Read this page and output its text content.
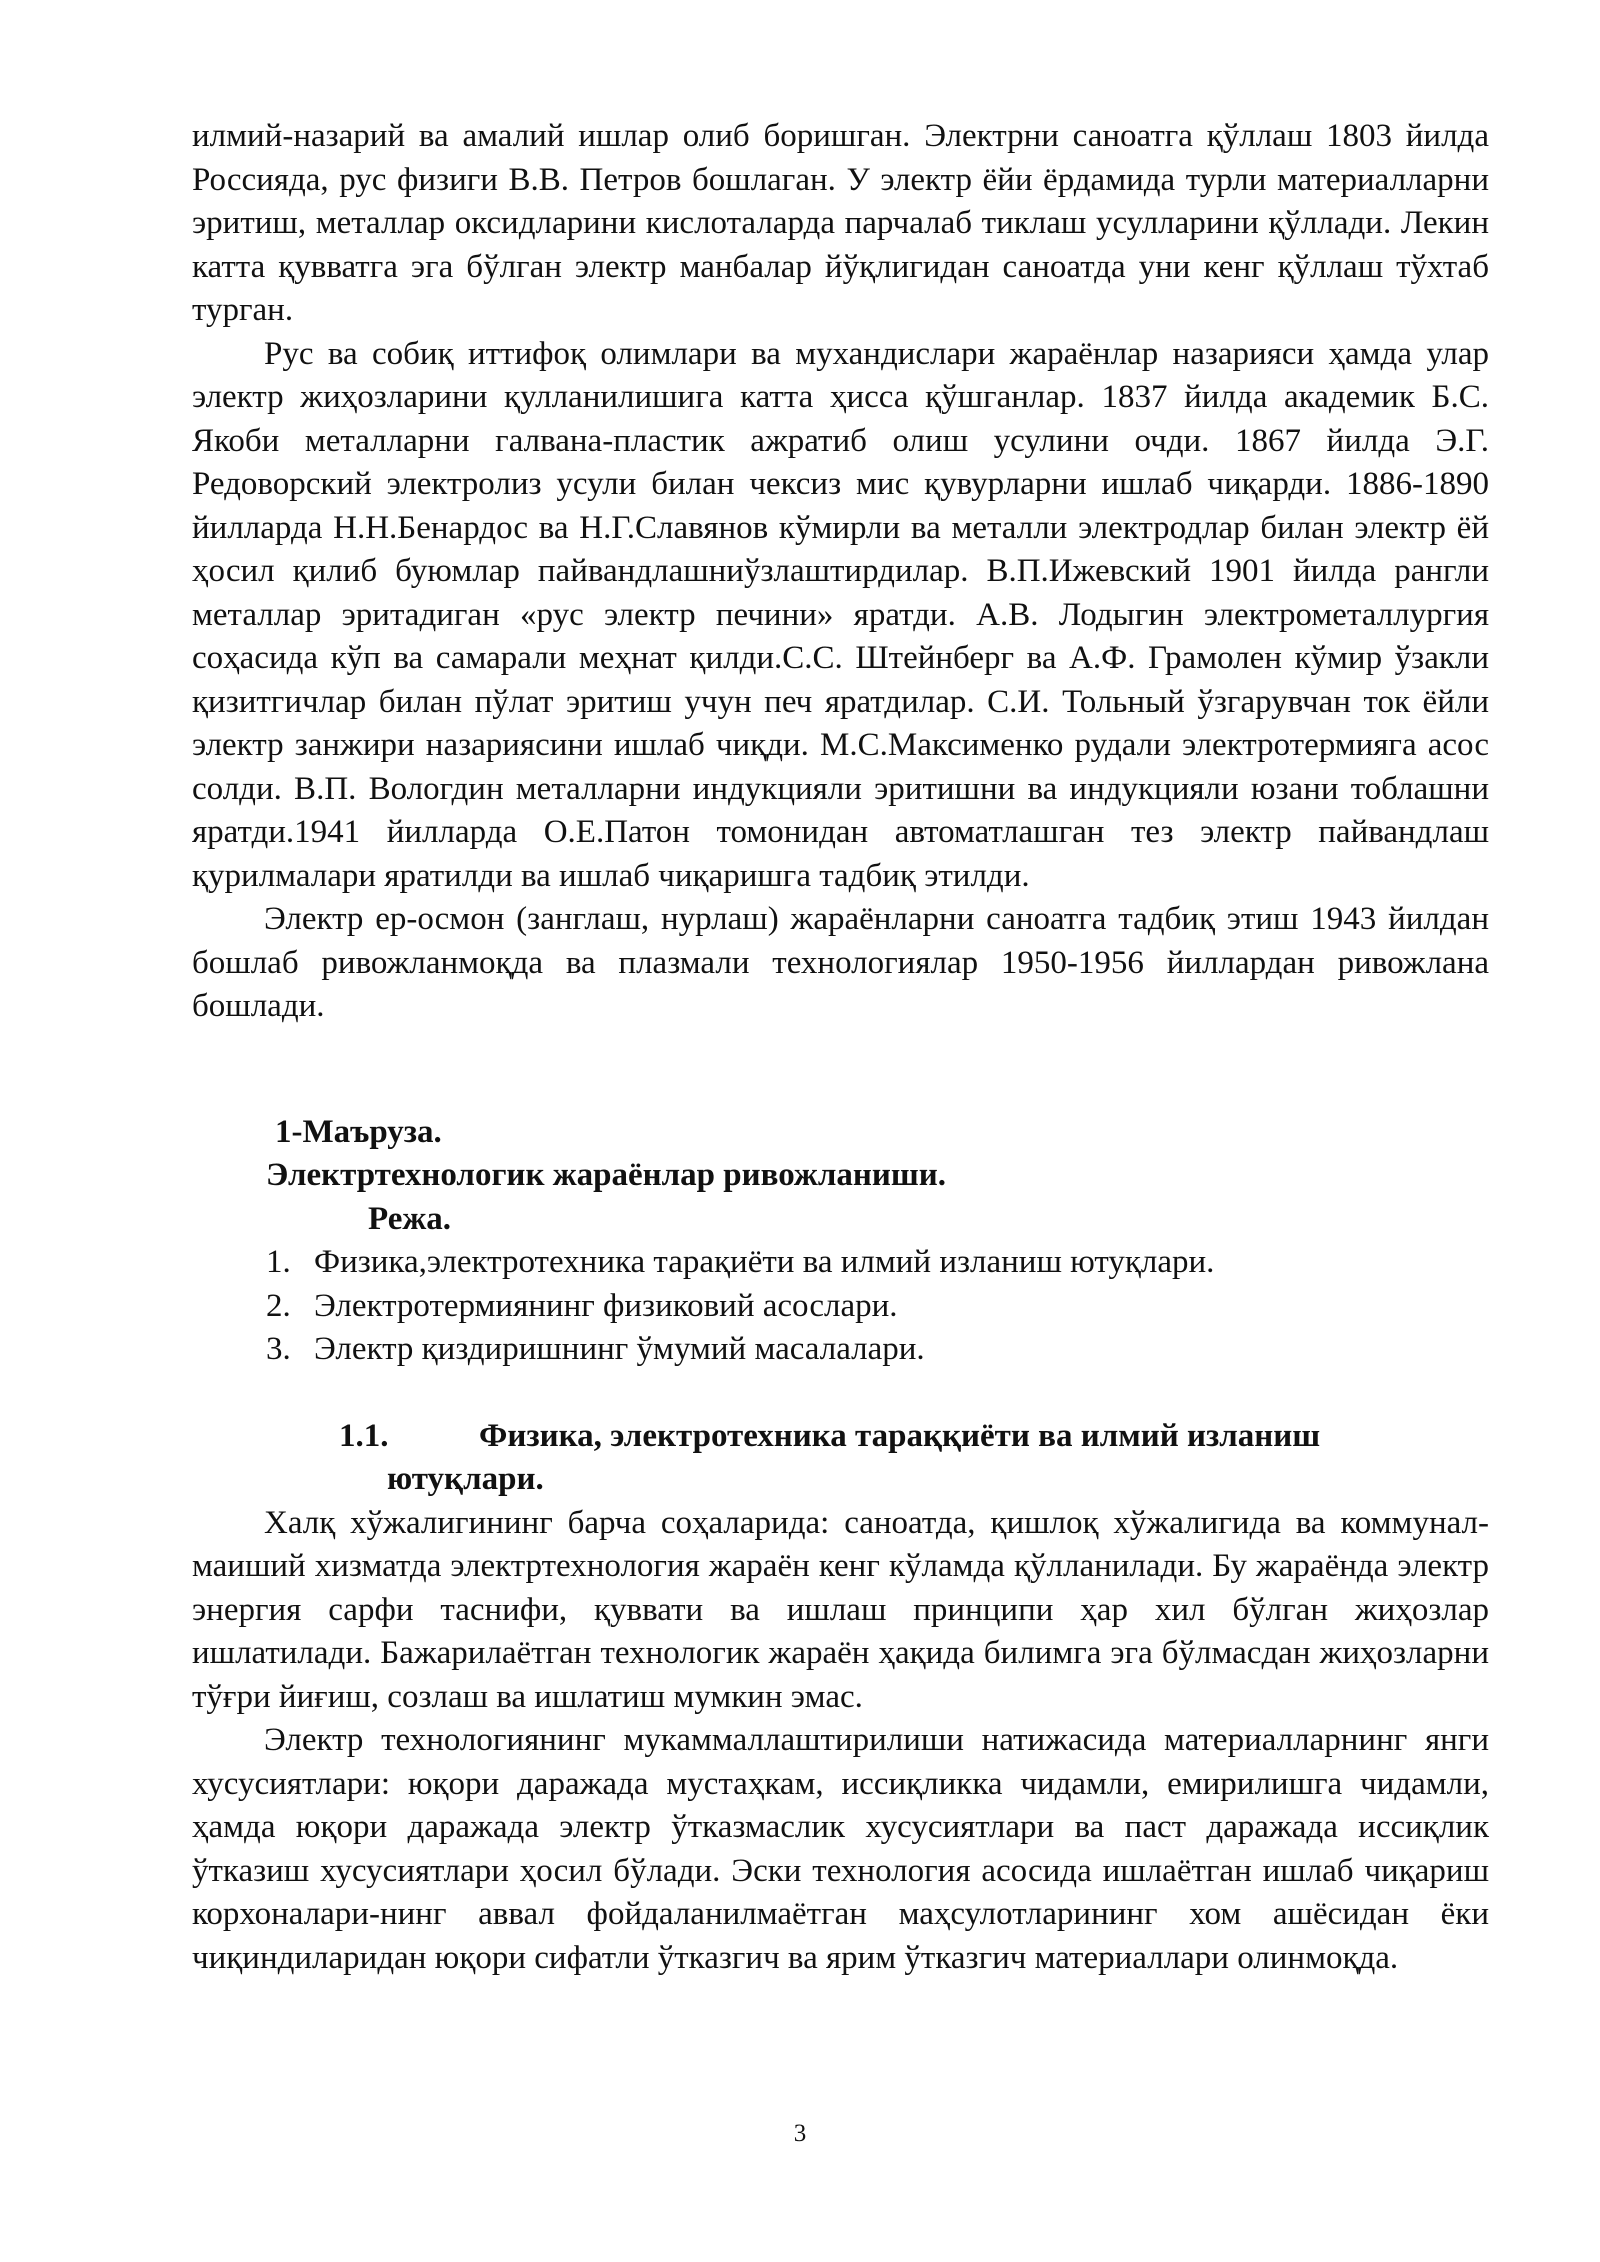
илмий-назарий ва амалий ишлар олиб боришган. Электрни саноатга қўллаш 1803 йилда Россияда, рус физиги В.В. Петров бошлаган. У электр ёйи ёрдамида турли материалларни эритиш, металлар оксидларини кислоталарда парчалаб тиклаш усулларини қўллади. Лекин катта қувватга эга бўлган электр манбалар йўқлигидан саноатда уни кенг қўллаш тўхтаб турган.

Рус ва собиқ иттифоқ олимлари ва мухандислари жараёнлар назарияси ҳамда улар электр жиҳозларини қулланилишига катта ҳисса қўшганлар. 1837 йилда академик Б.С. Якоби металларни галвана-пластик ажратиб олиш усулини очди. 1867 йилда Э.Г. Редоворский электролиз усули билан чексиз мис қувурларни ишлаб чиқарди. 1886-1890 йилларда Н.Н.Бенардос ва Н.Г.Славянов кўмирли ва металли электродлар билан электр ёй ҳосил қилиб буюмлар пайвандлашниўзлаштирдилар. В.П.Ижевский 1901 йилда рангли металлар эритадиган «рус электр печини» яратди. А.В. Лодыгин электрометаллургия соҳасида кўп ва самарали меҳнат қилди.С.С. Штейнберг ва А.Ф. Грамолен кўмир ўзакли қизитгичлар билан пўлат эритиш учун печ яратдилар. С.И. Тольный ўзгарувчан ток ёйли электр занжири назариясини ишлаб чиқди. М.С.Максименко рудали электротермияга асос солди. В.П. Вологдин металларни индукцияли эритишни ва индукцияли юзани тоблашни яратди.1941 йилларда О.Е.Патон томонидан автоматлашган тез электр пайвандлаш қурилмалари яратилди ва ишлаб чиқаришга тадбиқ этилди.

Электр ер-осмон (занглаш, нурлаш) жараёнларни саноатга тадбиқ этиш 1943 йилдан бошлаб ривожланмоқда ва плазмали технологиялар 1950-1956 йиллардан ривожлана бошлади.

1-Маъруза.
Электртехнологик жараёнлар ривожланиши.
Режа.
1. Физика,электротехника тарақиёти ва илмий изланиш ютуқлари.
2. Электротермиянинг физиковий асослари.
3. Электр қиздиришнинг ўмумий масалалари.
1.1.	Физика, электротехника тараққиёти ва илмий изланиш
ютуқлари.

Халқ хўжалигининг барча соҳаларида: саноатда, қишлоқ хўжалигида ва коммунал-маиший хизматда электртехнология жараён кенг кўламда қўлланилади. Бу жараёнда электр энергия сарфи таснифи, қуввати ва ишлаш принципи ҳар хил бўлган жиҳозлар ишлатилади. Бажарилаётган технологик жараён ҳақида билимга эга бўлмасдан жиҳозларни тўғри йиғиш, созлаш ва ишлатиш мумкин эмас.

Электр технологиянинг мукаммаллаштирилиши натижасида материалларнинг янги хусусиятлари: юқори даражада мустаҳкам, иссиқликка чидамли, емирилишга чидамли, ҳамда юқори даражада электр ўтказмаслик хусусиятлари ва паст даражада иссиқлик ўтказиш хусусиятлари ҳосил бўлади. Эски технология асосида ишлаётган ишлаб чиқариш корхоналари-нинг аввал фойдаланилмаётган маҳсулотларининг хом ашёсидан ёки чиқиндиларидан юқори сифатли ўтказгич ва ярим ўтказгич материаллари олинмоқда.

3
